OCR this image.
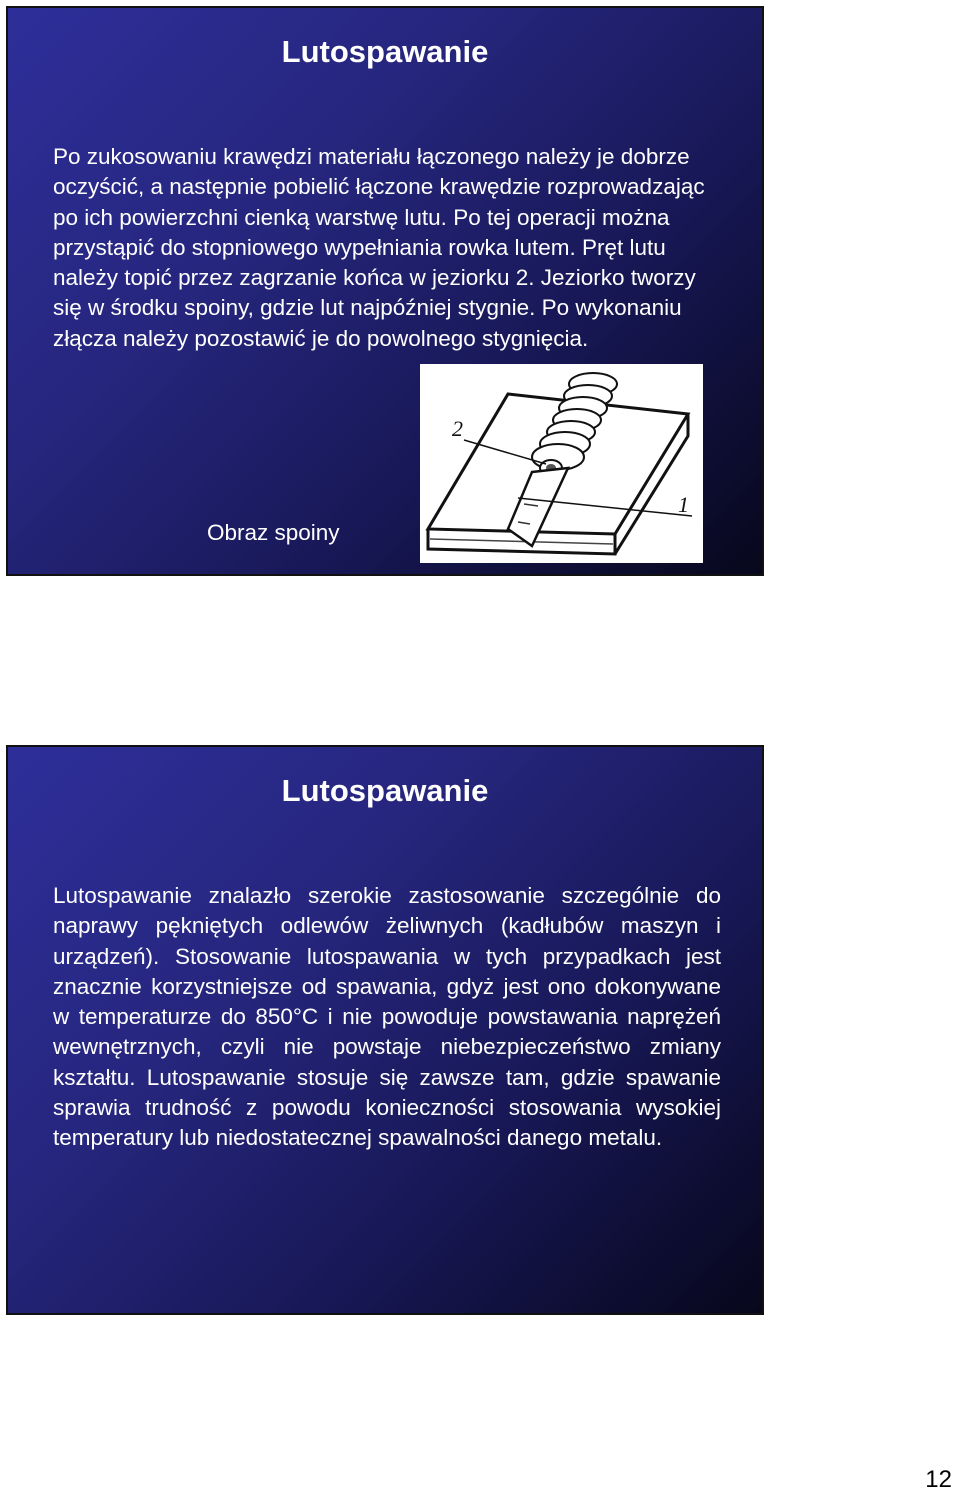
Lutospawanie

Po zukosowaniu krawędzi materiału łączonego należy je dobrze oczyścić, a następnie pobielić łączone krawędzie rozprowadzając po ich powierzchni cienką warstwę lutu. Po tej operacji można przystąpić do stopniowego wypełniania rowka lutem. Pręt lutu należy topić przez zagrzanie końca w jeziorku 2. Jeziorko tworzy się w środku spoiny, gdzie lut najpóźniej stygnie. Po wykonaniu złącza należy pozostawić je do powolnego stygnięcia.

Obraz spoiny

2
1
Lutospawanie

Lutospawanie znalazło szerokie zastosowanie szczególnie do naprawy pękniętych odlewów żeliwnych (kadłubów maszyn i urządzeń). Stosowanie lutospawania w tych przypadkach jest znacznie korzystniejsze od spawania, gdyż jest ono dokonywane w temperaturze do 850°C i nie powoduje powstawania naprężeń wewnętrznych, czyli nie powstaje niebezpieczeństwo zmiany kształtu. Lutospawanie stosuje się zawsze tam, gdzie spawanie sprawia trudność z powodu konieczności stosowania wysokiej temperatury lub niedostatecznej spawalności danego metalu.

12
